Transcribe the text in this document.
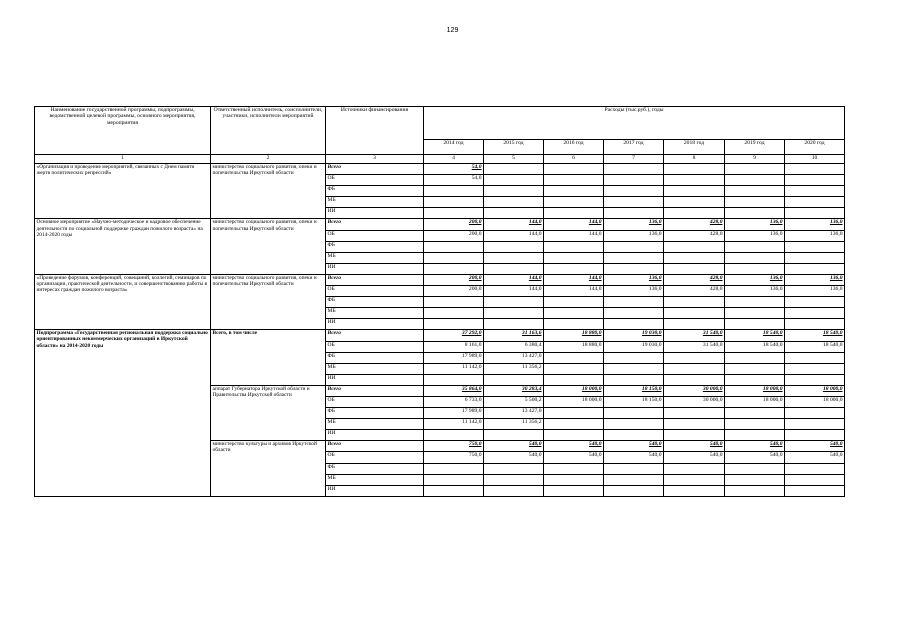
129
Наименование государственной программы, подпрограммы, ведомственной целевой программы, основного мероприятия, мероприятия	Ответственный исполнитель, соисполнители, участники, исполнители мероприятий	Источники финансирования	Расходы (тыс.руб.), годы						
			2014 год	2015 год	2016 год	2017 год	2018 год	2019 год	2020 год
1	2	3	4	5	6	7	8	9	10
«Организация и проведение мероприятий, связанных с Днем памяти жертв политических репрессий»	министерство социального развития, опеки и попечительства Иркутской области	Всего	54,0						
		ОБ	54,0						
		ФБ							
		МБ							
		ИИ							
Основное мероприятие «Научно-методическое и кадровое обеспечение деятельности по социальной поддержке граждан пожилого возраста» на 2014-2020 годы	министерство социального развития, опеки и попечительства Иркутской области	Всего	200,0	144,0	144,0	136,0	428,0	136,0	136,0
		ОБ	200,0	144,0	144,0	136,0	428,0	136,0	136,0
		ФБ							
		МБ							
		ИИ							
«Проведение форумов, конференций, совещаний, коллегий, семинаров по организации, практической деятельности, и совершенствованию работы в интересах граждан пожилого возраста»	министерство социального развития, опеки и попечительства Иркутской области	Всего	200,0	144,0	144,0	136,0	428,0	136,0	136,0
		ОБ	200,0	144,0	144,0	136,0	428,0	136,0	136,0
		ФБ							
		МБ							
		ИИ							
Подпрограмма «Государственная региональная поддержка социально ориентированных некоммерческих организаций в Иркутской области» на 2014-2020 годы	Всего, в том числе	Всего	37 292,0	31 163,6	18 880,0	19 030,0	31 540,0	18 540,0	18 540,0
		ОБ	8 161,0	6 380,4	18 880,0	19 030,0	31 540,0	18 540,0	18 540,0
		ФБ	17 989,0	13 427,0					
		МБ	11 142,0	11 356,2					
		ИИ							
	аппарат Губернатора Иркутской области и Правительства Иркутской области	Всего	35 864,0	30 283,4	18 000,0	18 150,0	30 000,0	18 000,0	18 000,0
		ОБ	6 733,0	5 500,2	18 000,0	18 150,0	30 000,0	18 000,0	18 000,0
		ФБ	17 989,0	13 427,0					
		МБ	11 142,0	11 356,2					
		ИИ							
	министерство культуры и архивов Иркутской области	Всего	750,0	540,0	540,0	540,0	540,0	540,0	540,0
		ОБ	750,0	540,0	540,0	540,0	540,0	540,0	540,0
		ФБ							
		МБ							
		ИИ							
